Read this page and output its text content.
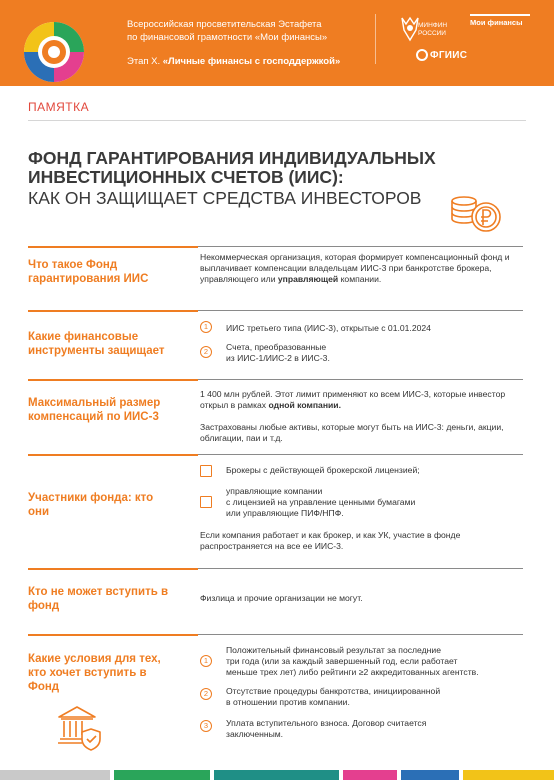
Всероссийская просветительская Эстафета
по финансовой грамотности «Мои финансы»
Этап X. «Личные финансы с господдержкой»
МИНФИН РОССИИ
Мои финансы
ФГИИС
ПАМЯТКА
ФОНД ГАРАНТИРОВАНИЯ ИНДИВИДУАЛЬНЫХ ИНВЕСТИЦИОННЫХ СЧЕТОВ (ИИС):
КАК ОН ЗАЩИЩАЕТ СРЕДСТВА ИНВЕСТОРОВ
Что такое Фонд гарантирования ИИС
Некоммерческая организация, которая формирует компенсационный фонд и выплачивает компенсации владельцам ИИС-3 при банкротстве брокера, управляющего или управляющей компании.
Какие финансовые инструменты защищает
1	ИИС третьего типа (ИИС-3), открытые с 01.01.2024
2	Счета, преобразованные
из ИИС-1/ИИС-2 в ИИС-3.
Максимальный размер компенсаций по ИИС-3
1 400 млн рублей. Этот лимит применяют ко всем ИИС-3, которые инвестор открыл в рамках одной компании.
Застрахованы любые активы, которые могут быть на ИИС-3: деньги, акции, облигации, паи и т.д.
Участники фонда: кто они
Брокеры с действующей брокерской лицензией;
управляющие компании
с лицензией на управление ценными бумагами
или управляющие ПИФ/НПФ.
Если компания работает и как брокер, и как УК, участие в фонде распространяется на все ее ИИС-3.
Кто не может вступить в фонд
Физлица и прочие организации не могут.
Какие условия для тех, кто хочет вступить в Фонд
1
Положительный финансовый результат за последние
три года (или за каждый завершенный год, если работает
меньше трех лет) либо рейтинги ≥2 аккредитованных агентств.
2	Отсутствие процедуры банкротства, инициированной
в отношении против компании.
3	Уплата вступительного взноса. Договор считается
заключенным.
